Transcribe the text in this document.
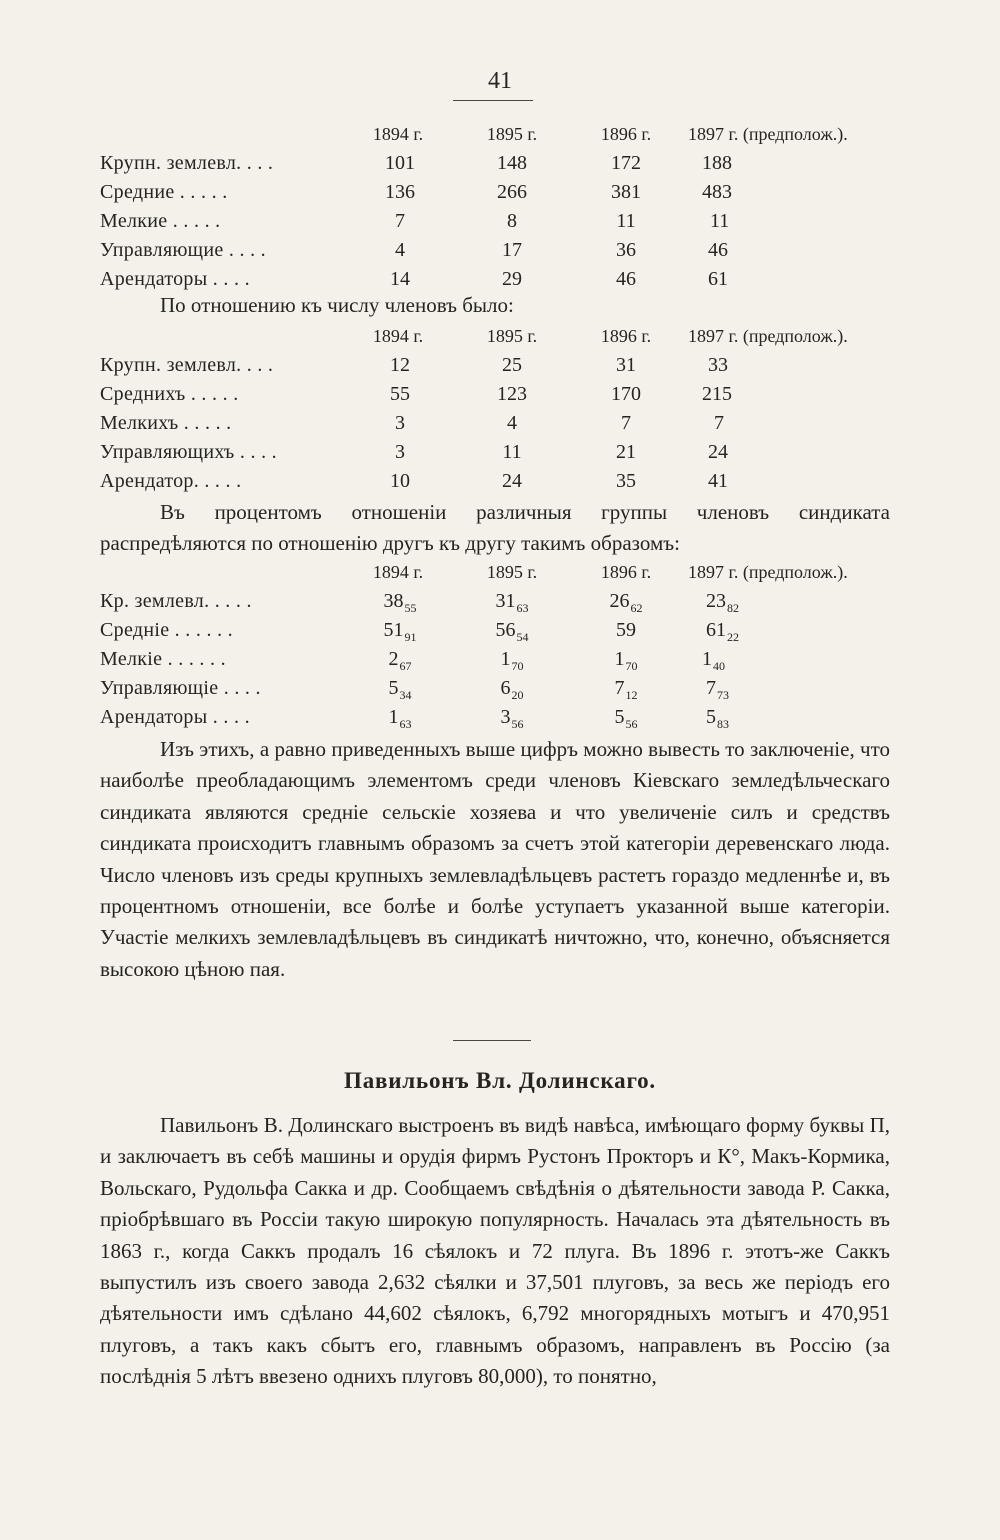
41
1894 г.	1895 г.	1896 г.	1897 г. (предполож.).
Крупн. землевл. . . .	101	148	172	188
Средние . . . . .	136	266	381	483
Мелкие . . . . .	7	8	11	11
Управляющие . . . .	4	17	36	46
Арендаторы . . . .	14	29	46	61

По отношению къ числу членовъ было:

1894 г.	1895 г.	1896 г.	1897 г. (предполож.).
Крупн. землевл. . . .	12	25	31	33
Среднихъ . . . . .	55	123	170	215
Мелкихъ . . . . .	3	4	7	7
Управляющихъ . . . .	3	11	21	24
Арендатор. . . . .	10	24	35	41

Въ процентомъ отношеніи различныя группы членовъ синдиката распредѣляются по отношенію другъ къ другу такимъ образомъ:

1894 г.	1895 г.	1896 г.	1897 г. (предполож.).
Кр. землевл. . . . .	$38_{55}$	$31_{63}$	$26_{62}$	$23_{82}$
Средніе . . . . . .	$51_{91}$	$56_{54}$	59	$61_{22}$
Мелкіе . . . . . .	$2_{67}$	$1_{70}$	$1_{70}$	$1_{40}$
Управляющіе . . . .	$5_{34}$	$6_{20}$	$7_{12}$	$7_{73}$
Арендаторы . . . .	$1_{63}$	$3_{56}$	$5_{56}$	$5_{83}$

Изъ этихъ, а равно приведенныхъ выше цифръ можно вывесть то заключеніе, что наиболѣе преобладающимъ элементомъ среди членовъ Кіевскаго земледѣльческаго синдиката являются средніе сельскіе хозяева и что увеличеніе силъ и средствъ синдиката происходитъ главнымъ образомъ за счетъ этой категоріи деревенскаго люда. Число членовъ изъ среды крупныхъ землевладѣльцевъ растетъ гораздо медленнѣе и, въ процентномъ отношеніи, все болѣе и болѣе уступаетъ указанной выше категоріи. Участіе мелкихъ землевладѣльцевъ въ синдикатѣ ничтожно, что, конечно, объясняется высокою цѣною пая.

Павильонъ Вл. Долинскаго.

Павильонъ В. Долинскаго выстроенъ въ видѣ навѣса, имѣющаго форму буквы П, и заключаетъ въ себѣ машины и орудія фирмъ Рустонъ Прокторъ и К°, Макъ-Кормика, Вольскаго, Рудольфа Сакка и др. Сообщаемъ свѣдѣнія о дѣятельности завода Р. Сакка, пріобрѣвшаго въ Россіи такую широкую популярность. Началась эта дѣятельность въ 1863 г., когда Саккъ продалъ 16 сѣялокъ и 72 плуга. Въ 1896 г. этотъ-же Саккъ выпустилъ изъ своего завода 2,632 сѣялки и 37,501 плуговъ, за весь же періодъ его дѣятельности имъ сдѣлано 44,602 сѣялокъ, 6,792 многорядныхъ мотыгъ и 470,951 плуговъ, а такъ какъ сбытъ его, главнымъ образомъ, направленъ въ Россію (за послѣднія 5 лѣтъ ввезено однихъ плуговъ 80,000), то понятно,
